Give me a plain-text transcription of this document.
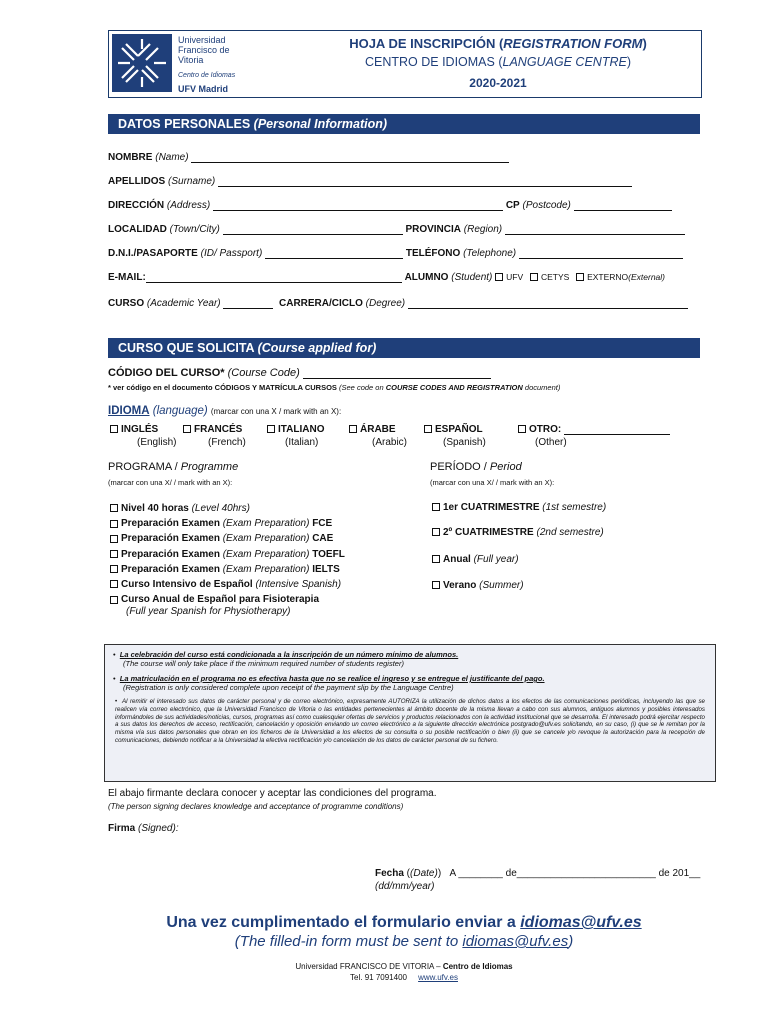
Universidad
Francisco de
Vitoria
Centro de Idiomas
UFV Madrid
HOJA DE INSCRIPCIÓN (REGISTRATION FORM)
CENTRO DE IDIOMAS (LANGUAGE CENTRE)
2020-2021
DATOS PERSONALES (Personal Information)
NOMBRE (Name)
APELLIDOS (Surname)
DIRECCIÓN (Address)	CP (Postcode)
LOCALIDAD (Town/City)	PROVINCIA (Region)
D.N.I./PASAPORTE (ID/ Passport)	TELÉFONO (Telephone)
E-MAIL:	ALUMNO (Student) UFV CETYS EXTERNO(External)
CURSO (Academic Year)	CARRERA/CICLO (Degree)
CURSO QUE SOLICITA (Course applied for)
CÓDIGO DEL CURSO* (Course Code)
* ver código en el documento CÓDIGOS Y MATRÍCULA CURSOS (See code on COURSE CODES AND REGISTRATION document)
IDIOMA (language) (marcar con una X / mark with an X):
INGLÉS
(English)
FRANCÉS
(French)
ITALIANO
(Italian)
ÁRABE
(Arabic)
ESPAÑOL
(Spanish)
OTRO:
(Other)
PROGRAMA / Programme
(marcar con una X/ / mark with an X):
PERÍODO / Period
(marcar con una X/ / mark with an X):
Nivel 40 horas (Level 40hrs)
Preparación Examen (Exam Preparation) FCE
Preparación Examen (Exam Preparation) CAE
Preparación Examen (Exam Preparation) TOEFL
Preparación Examen (Exam Preparation) IELTS
Curso Intensivo de Español (Intensive Spanish)
Curso Anual de Español para Fisioterapia
(Full year Spanish for Physiotherapy)
1er CUATRIMESTRE (1st semestre)
2º CUATRIMESTRE (2nd semestre)
Anual (Full year)
Verano (Summer)
•  La celebración del curso está condicionada a la inscripción de un número mínimo de alumnos.
(The course will only take place if the minimum required number of students register)
•  La matriculación en el programa no es efectiva hasta que no se realice el ingreso y se entregue el justificante del pago.
(Registration is only considered complete upon receipt of the payment slip by the Language Centre)
•  Al remitir el interesado sus datos de carácter personal y de correo electrónico, expresamente AUTORIZA la utilización de dichos datos a los efectos de las comunicaciones periódicas, incluyendo las que se realicen vía correo electrónico, que la Universidad Francisco de Vitoria o las entidades pertenecientes al ámbito docente de la misma llevan a cabo con sus alumnos, antiguos alumnos y posibles interesados informándoles de sus actividades/noticias, cursos, programas así como cualesquier ofertas de servicios y productos relacionados con la actividad institucional que se desarrolla. El interesado podrá ejercitar respecto a sus datos los derechos de acceso, rectificación, cancelación y oposición enviando un correo electrónico a la siguiente dirección electrónica postgrado@ufv.es solicitando, en su caso, (i) que se le remitan por la misma vía sus datos personales que obran en los ficheros de la Universidad a los efectos de su consulta o su posible rectificación o bien (ii) que se cancele y/o revoque la autorización para la recepción de comunicaciones, debiendo notificar a la Universidad la efectiva rectificación y/o cancelación de los datos de carácter personal de su fichero.
El abajo firmante declara conocer y aceptar las condiciones del programa.
(The person signing declares knowledge and acceptance of programme conditions)
Firma (Signed):
Fecha ((Date))   A ________ de_________________________ de 201__
(dd/mm/year)
Una vez cumplimentado el formulario enviar a idiomas@ufv.es
(The filled-in form must be sent to idiomas@ufv.es)
Universidad FRANCISCO DE VITORIA – Centro de Idiomas
Tel. 91 7091400 www.ufv.es
